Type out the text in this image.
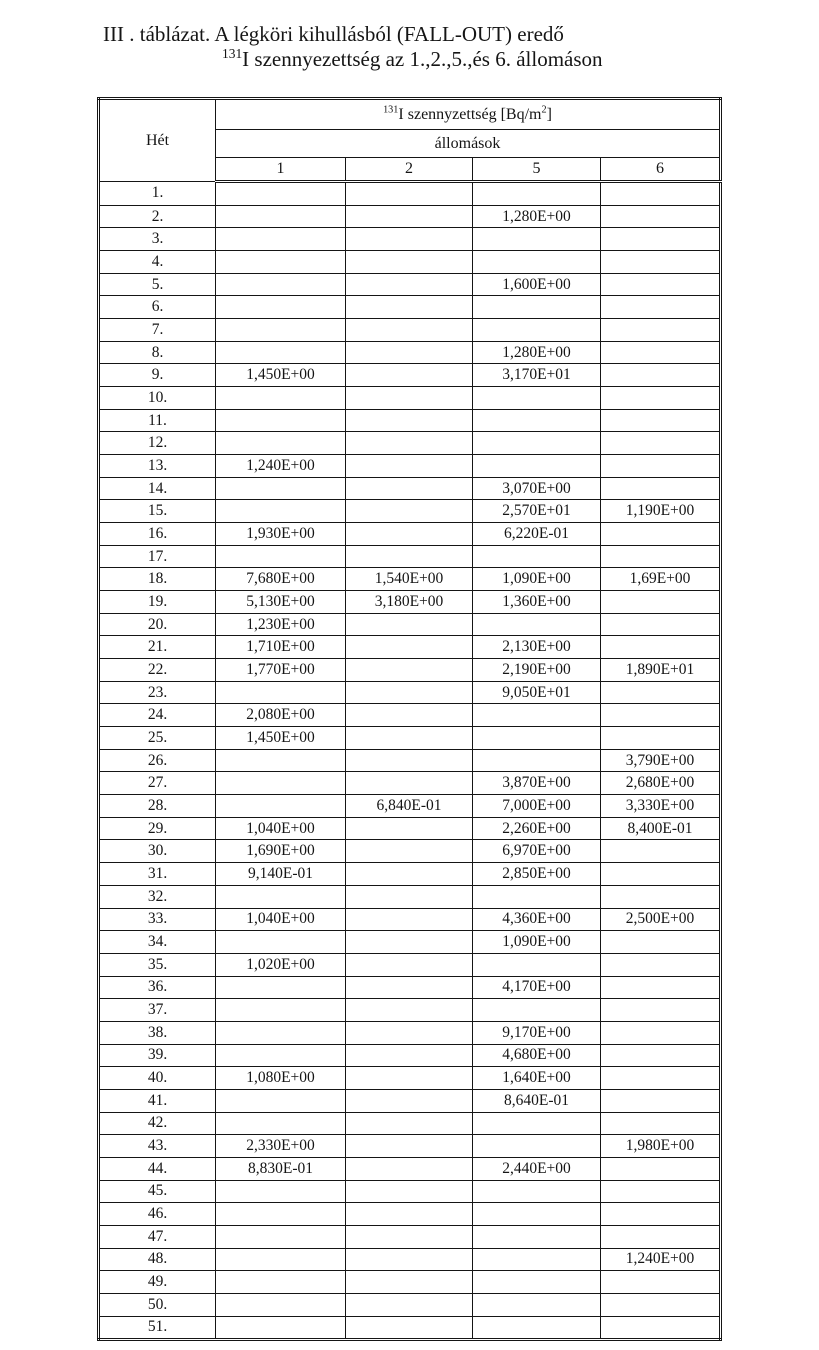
III . táblázat. A légköri kihullásból (FALL-OUT) eredő
$^{131}$I szennyezettség az 1.,2.,5.,és 6. állomáson
Hét	$^{131}$I szennyzettség $[Bq/m^2]$			
	állomások			
	1	2	5	6
1.				
2.			1,280E+00	
3.				
4.				
5.			1,600E+00	
6.				
7.				
8.			1,280E+00	
9.	1,450E+00		3,170E+01	
10.				
11.				
12.				
13.	1,240E+00			
14.			3,070E+00	
15.			2,570E+01	1,190E+00
16.	1,930E+00		6,220E-01	
17.				
18.	7,680E+00	1,540E+00	1,090E+00	1,69E+00
19.	5,130E+00	3,180E+00	1,360E+00	
20.	1,230E+00			
21.	1,710E+00		2,130E+00	
22.	1,770E+00		2,190E+00	1,890E+01
23.			9,050E+01	
24.	2,080E+00			
25.	1,450E+00			
26.				3,790E+00
27.			3,870E+00	2,680E+00
28.		6,840E-01	7,000E+00	3,330E+00
29.	1,040E+00		2,260E+00	8,400E-01
30.	1,690E+00		6,970E+00	
31.	9,140E-01		2,850E+00	
32.				
33.	1,040E+00		4,360E+00	2,500E+00
34.			1,090E+00	
35.	1,020E+00			
36.			4,170E+00	
37.				
38.			9,170E+00	
39.			4,680E+00	
40.	1,080E+00		1,640E+00	
41.			8,640E-01	
42.				
43.	2,330E+00			1,980E+00
44.	8,830E-01		2,440E+00	
45.				
46.				
47.				
48.				1,240E+00
49.				
50.				
51.				
